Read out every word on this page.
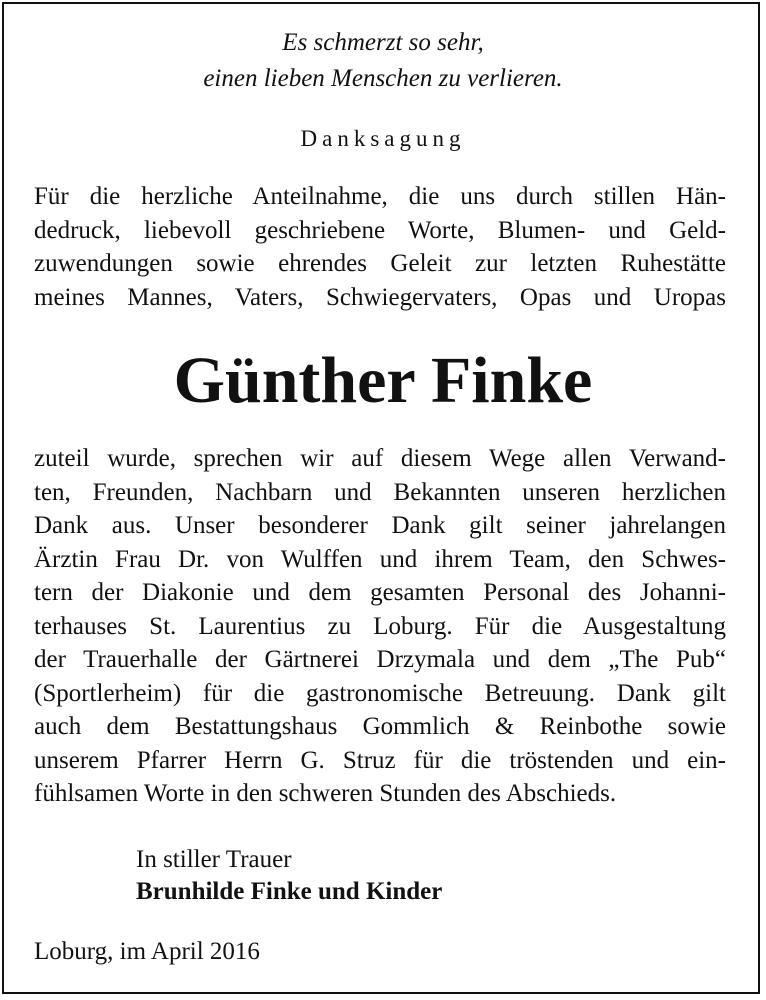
Es schmerzt so sehr,
einen lieben Menschen zu verlieren.
Danksagung
Für die herzliche Anteilnahme, die uns durch stillen Hän-
dedruck, liebevoll geschriebene Worte, Blumen- und Geld-
zuwendungen sowie ehrendes Geleit zur letzten Ruhestätte
meines Mannes, Vaters, Schwiegervaters, Opas und Uropas
Günther Finke
zuteil wurde, sprechen wir auf diesem Wege allen Verwand-
ten, Freunden, Nachbarn und Bekannten unseren herzlichen
Dank aus. Unser besonderer Dank gilt seiner jahrelangen
Ärztin Frau Dr. von Wulffen und ihrem Team, den Schwes-
tern der Diakonie und dem gesamten Personal des Johanni-
terhauses St. Laurentius zu Loburg. Für die Ausgestaltung
der Trauerhalle der Gärtnerei Drzymala und dem „The Pub“
(Sportlerheim) für die gastronomische Betreuung. Dank gilt
auch dem Bestattungshaus Gommlich & Reinbothe sowie
unserem Pfarrer Herrn G. Struz für die tröstenden und ein-
fühlsamen Worte in den schweren Stunden des Abschieds.
In stiller Trauer
Brunhilde Finke und Kinder
Loburg, im April 2016
